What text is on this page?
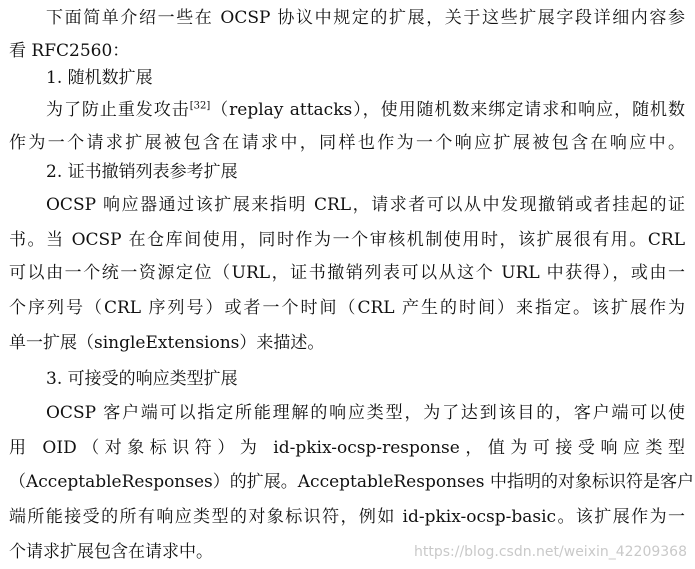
下面简单介绍一些在 OCSP 协议中规定的扩展，关于这些扩展字段详细内容参
看 RFC2560：
1. 随机数扩展
为了防止重发攻击[32]（replay attacks），使用随机数来绑定请求和响应，随机数
作为一个请求扩展被包含在请求中，同样也作为一个响应扩展被包含在响应中。
2. 证书撤销列表参考扩展
OCSP 响应器通过该扩展来指明 CRL，请求者可以从中发现撤销或者挂起的证
书。当 OCSP 在仓库间使用，同时作为一个审核机制使用时，该扩展很有用。CRL
可以由一个统一资源定位（URL，证书撤销列表可以从这个 URL 中获得），或由一
个序列号（CRL 序列号）或者一个时间（CRL 产生的时间）来指定。该扩展作为
单一扩展（singleExtensions）来描述。
3. 可接受的响应类型扩展
OCSP 客户端可以指定所能理解的响应类型，为了达到该目的，客户端可以使
用 OID（对象标识符）为 id-pkix-ocsp-response，值为可接受响应类型
（AcceptableResponses）的扩展。AcceptableResponses 中指明的对象标识符是客户
端所能接受的所有响应类型的对象标识符，例如 id-pkix-ocsp-basic。该扩展作为一
个请求扩展包含在请求中。	https://blog.csdn.net/weixin_42209368
